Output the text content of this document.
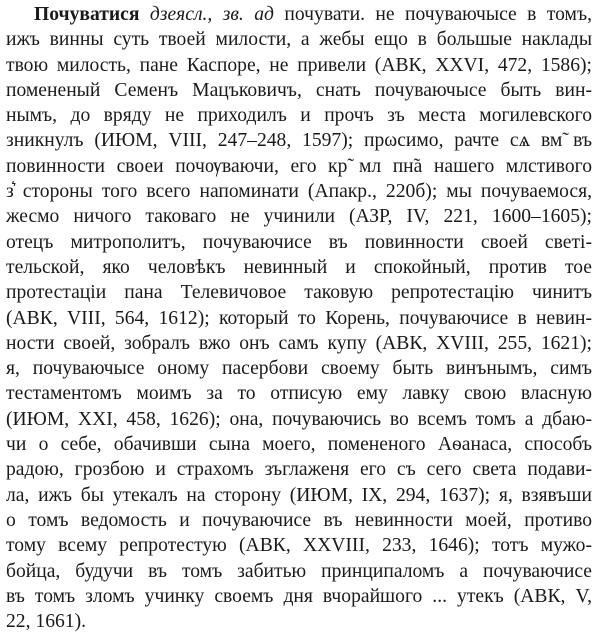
Почуватися дзеясл., зв. ад почувати. не почуваючысе в томъ,
ижъ винны суть твоей милости, а жебы ещо в большые наклады
твою милость, пане Каспоре, не привели (АВК, XXVI, 472, 1586);
помененый Семенъ Мацъковичъ, снать почуваючысе быть вин-
нымъ, до вряду не приходилъ и прочъ зъ места могилевского
зникнулъ (ИЮМ, VIII, 247–248, 1597); прωсимо, рачте сѧ вм̃ въ
повинности своеи почѹваючи, его кр̃ мл пн̃а нашего млстивого
з͛ стороны того всего напоминати (Апакр., 220б); мы почуваемося,
жесмо ничого таковаго не учинили (АЗР, IV, 221, 1600–1605);
отецъ митрополитъ, почуваючисе въ повинности своей светі-
тельской, яко человѣкъ невинный и спокойный, против тое
протестаціи пана Телевичовое таковую репротестацію чинитъ
(АВК, VIII, 564, 1612); который то Корень, почуваючисе в невин-
ности своей, зобралъ вжо онъ самъ купу (АВК, XVIII, 255, 1621);
я, почуваючысе оному пасербови своему быть винънымъ, симъ
тестаментомъ моимъ за то отписую ему лавку свою власную
(ИЮМ, XXI, 458, 1626); она, почуваючись во всемъ томъ а дбаю-
чи о себе, обачивши сына моего, помененого Аѳанаса, способъ
радою, грозбою и страхомъ зъглаженя его съ сего света подави-
ла, ижъ бы утекалъ на сторону (ИЮМ, IX, 294, 1637); я, взявъши
о томъ ведомость и почуваючисе въ невинности моей, противо
тому всему репротестую (АВК, XXVIII, 233, 1646); тотъ мужо-
бойца, будучи въ томъ забитью принципаломъ а почуваючисе
въ томъ зломъ учинку своемъ дня вчорайшого ... утекъ (АВК, V,
22, 1661).
